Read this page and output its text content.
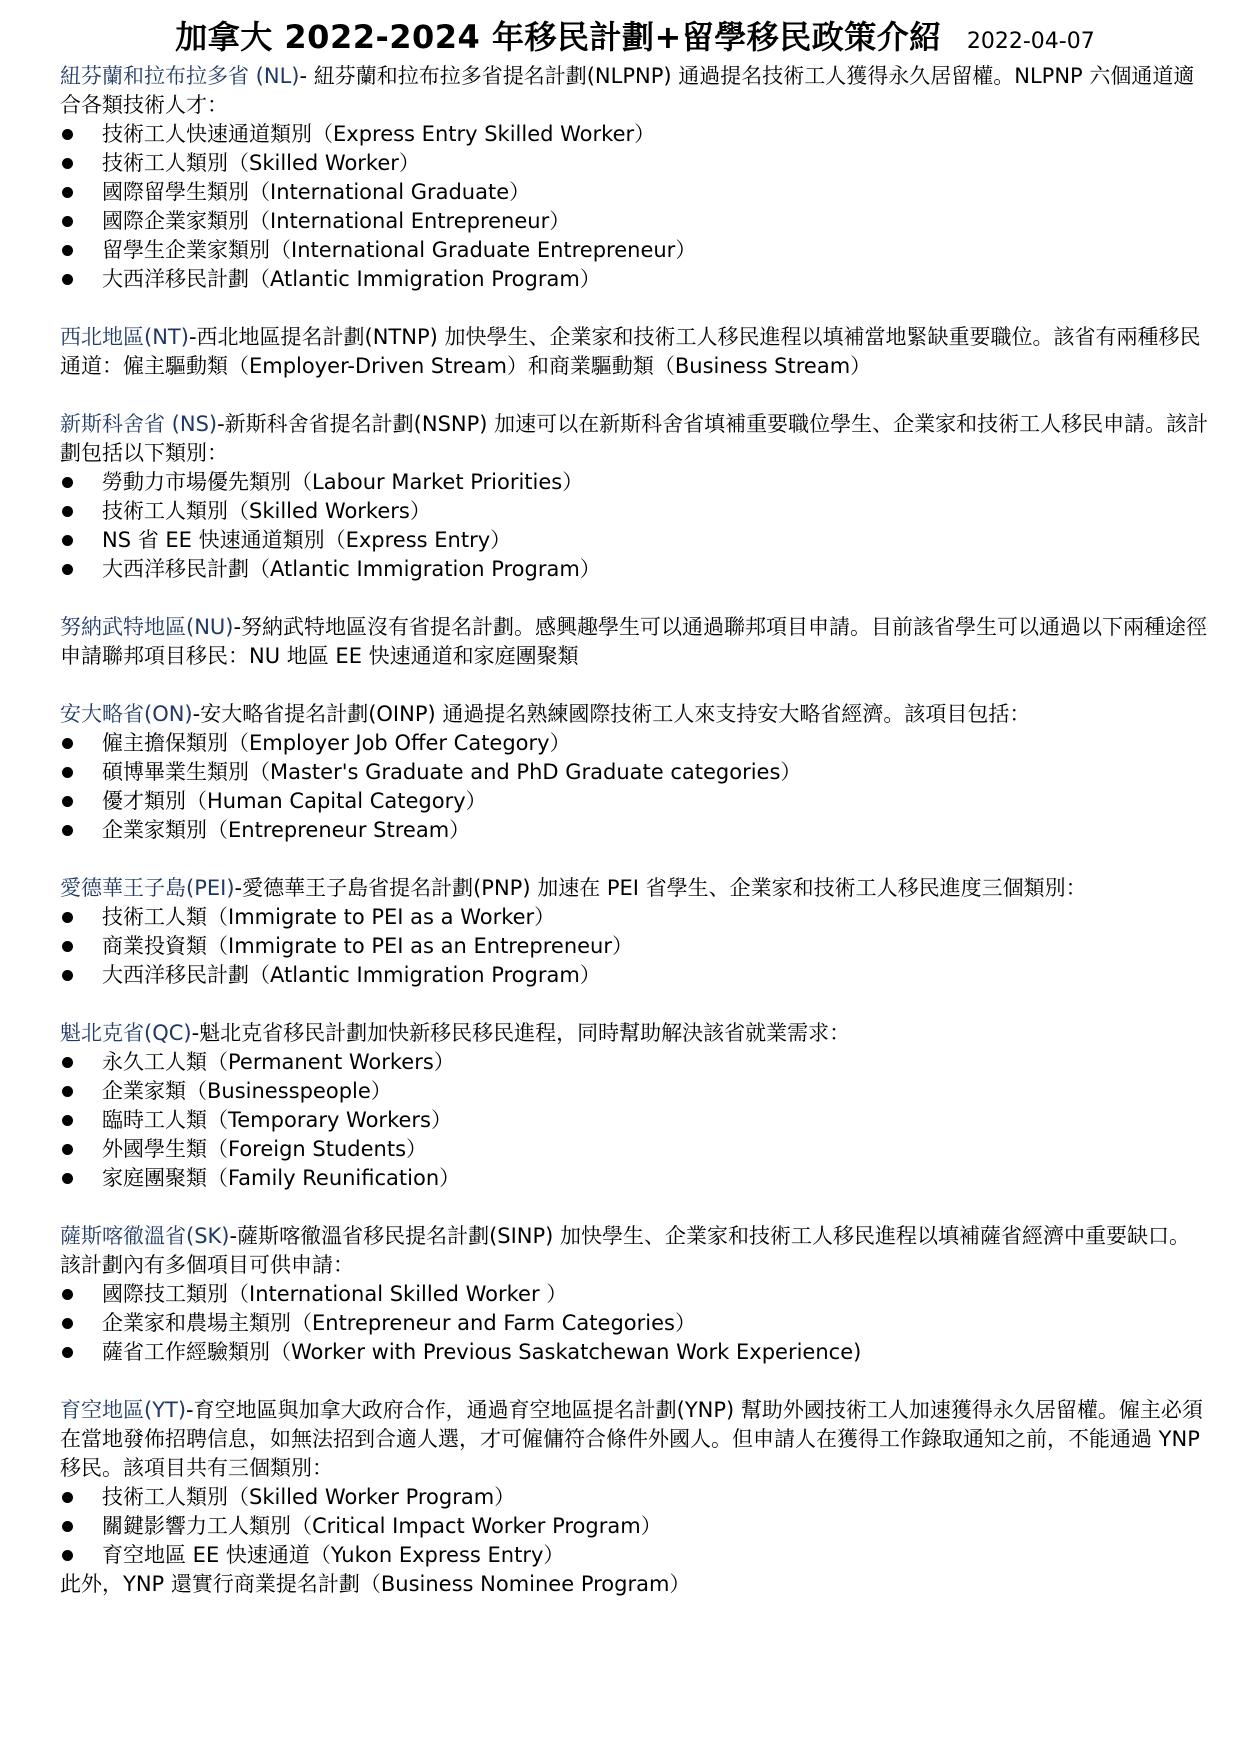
加拿大 2022-2024 年移民計劃+留學移民政策介紹 2022-04-07

紐芬蘭和拉布拉多省 (NL)- 紐芬蘭和拉布拉多省提名計劃(NLPNP) 通過提名技術工人獲得永久居留權。NLPNP 六個通道適合各類技術人才：

技術工人快速通道類別（Express Entry Skilled Worker）
技術工人類別（Skilled Worker）
國際留學生類別（International Graduate）
國際企業家類別（International Entrepreneur）
留學生企業家類別（International Graduate Entrepreneur）
大西洋移民計劃（Atlantic Immigration Program）

西北地區(NT)-西北地區提名計劃(NTNP) 加快學生、企業家和技術工人移民進程以填補當地緊缺重要職位。該省有兩種移民通道：僱主驅動類（Employer-Driven Stream）和商業驅動類（Business Stream）

新斯科舍省 (NS)-新斯科舍省提名計劃(NSNP) 加速可以在新斯科舍省填補重要職位學生、企業家和技術工人移民申請。該計劃包括以下類別：

勞動力市場優先類別（Labour Market Priorities）
技術工人類別（Skilled Workers）
NS 省 EE 快速通道類別（Express Entry）
大西洋移民計劃（Atlantic Immigration Program）

努納武特地區(NU)-努納武特地區沒有省提名計劃。感興趣學生可以通過聯邦項目申請。目前該省學生可以通過以下兩種途徑申請聯邦項目移民：NU 地區 EE 快速通道和家庭團聚類

安大略省(ON)-安大略省提名計劃(OINP) 通過提名熟練國際技術工人來支持安大略省經濟。該項目包括：

僱主擔保類別（Employer Job Offer Category）
碩博畢業生類別（Master's Graduate and PhD Graduate categories）
優才類別（Human Capital Category）
企業家類別（Entrepreneur Stream）

愛德華王子島(PEI)-愛德華王子島省提名計劃(PNP) 加速在 PEI 省學生、企業家和技術工人移民進度三個類別：

技術工人類（Immigrate to PEI as a Worker）
商業投資類（Immigrate to PEI as an Entrepreneur）
大西洋移民計劃（Atlantic Immigration Program）

魁北克省(QC)-魁北克省移民計劃加快新移民移民進程，同時幫助解決該省就業需求：

永久工人類（Permanent Workers）
企業家類（Businesspeople）
臨時工人類（Temporary Workers）
外國學生類（Foreign Students）
家庭團聚類（Family Reunification）

薩斯喀徹溫省(SK)-薩斯喀徹溫省移民提名計劃(SINP) 加快學生、企業家和技術工人移民進程以填補薩省經濟中重要缺口。該計劃內有多個項目可供申請：

國際技工類別（International Skilled Worker ）
企業家和農場主類別（Entrepreneur and Farm Categories）
薩省工作經驗類別（Worker with Previous Saskatchewan Work Experience)

育空地區(YT)-育空地區與加拿大政府合作，通過育空地區提名計劃(YNP) 幫助外國技術工人加速獲得永久居留權。僱主必須在當地發佈招聘信息，如無法招到合適人選，才可僱傭符合條件外國人。但申請人在獲得工作錄取通知之前，不能通過 YNP 移民。該項目共有三個類別：

技術工人類別（Skilled Worker Program）
關鍵影響力工人類別（Critical Impact Worker Program）
育空地區 EE 快速通道（Yukon Express Entry）

此外，YNP 還實行商業提名計劃（Business Nominee Program）
